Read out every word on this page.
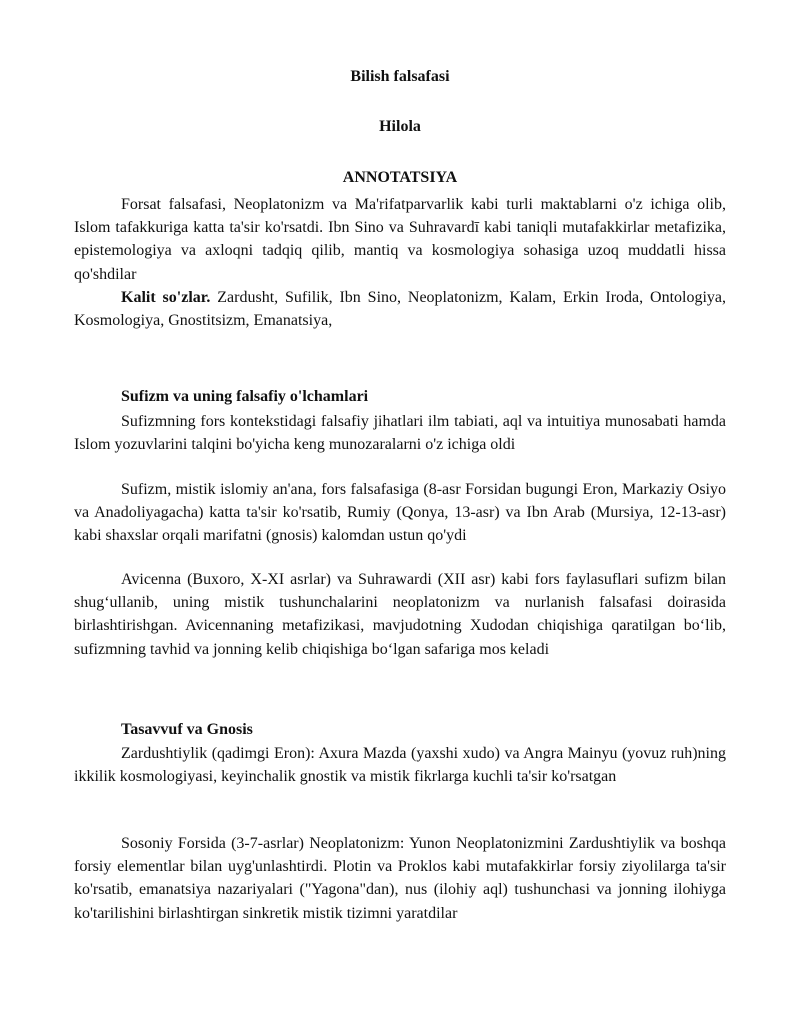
Bilish falsafasi
Hilola
ANNOTATSIYA

Forsat falsafasi, Neoplatonizm va Ma'rifatparvarlik kabi turli maktablarni o'z ichiga olib, Islom tafakkuriga katta ta'sir ko'rsatdi. Ibn Sino va Suhravardī kabi taniqli mutafakkirlar metafizika, epistemologiya va axloqni tadqiq qilib, mantiq va kosmologiya sohasiga uzoq muddatli hissa qo'shdilar

Kalit so'zlar. Zardusht, Sufilik, Ibn Sino, Neoplatonizm, Kalam, Erkin Iroda, Ontologiya, Kosmologiya, Gnostitsizm, Emanatsiya,

Sufizm va uning falsafiy o'lchamlari

Sufizmning fors kontekstidagi falsafiy jihatlari ilm tabiati, aql va intuitiya munosabati hamda Islom yozuvlarini talqini bo'yicha keng munozaralarni o'z ichiga oldi

Sufizm, mistik islomiy an'ana, fors falsafasiga (8-asr Forsidan bugungi Eron, Markaziy Osiyo va Anadoliyagacha) katta ta'sir ko'rsatib, Rumiy (Qonya, 13-asr) va Ibn Arab (Mursiya, 12-13-asr) kabi shaxslar orqali marifatni (gnosis) kalomdan ustun qo'ydi

Avicenna (Buxoro, X-XI asrlar) va Suhrawardi (XII asr) kabi fors faylasuflari sufizm bilan shug‘ullanib, uning mistik tushunchalarini neoplatonizm va nurlanish falsafasi doirasida birlashtirishgan. Avicennaning metafizikasi, mavjudotning Xudodan chiqishiga qaratilgan bo‘lib, sufizmning tavhid va jonning kelib chiqishiga bo‘lgan safariga mos keladi

Tasavvuf va Gnosis

Zardushtiylik (qadimgi Eron): Axura Mazda (yaxshi xudo) va Angra Mainyu (yovuz ruh)ning ikkilik kosmologiyasi, keyinchalik gnostik va mistik fikrlarga kuchli ta'sir ko'rsatgan

Sosoniy Forsida (3-7-asrlar) Neoplatonizm: Yunon Neoplatonizmini Zardushtiylik va boshqa forsiy elementlar bilan uyg'unlashtirdi. Plotin va Proklos kabi mutafakkirlar forsiy ziyolilarga ta'sir ko'rsatib, emanatsiya nazariyalari ("Yagona"dan), nus (ilohiy aql) tushunchasi va jonning ilohiyga ko'tarilishini birlashtirgan sinkretik mistik tizimni yaratdilar
